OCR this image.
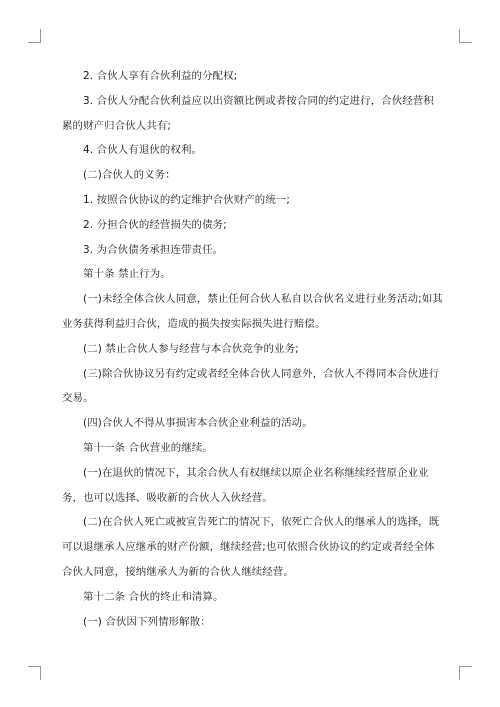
2. 合伙人享有合伙利益的分配权;

3. 合伙人分配合伙利益应以出资额比例或者按合同的约定进行，合伙经营积累的财产归合伙人共有;

4. 合伙人有退伙的权利。

(二)合伙人的义务：

1. 按照合伙协议的约定维护合伙财产的统一;

2. 分担合伙的经营损失的债务;

3. 为合伙债务承担连带责任。

第十条 禁止行为。

(一)未经全体合伙人同意，禁止任何合伙人私自以合伙名义进行业务活动;如其业务获得利益归合伙，造成的损失按实际损失进行赔偿。

(二) 禁止合伙人参与经营与本合伙竞争的业务;

(三)除合伙协议另有约定或者经全体合伙人同意外，合伙人不得同本合伙进行交易。

(四)合伙人不得从事损害本合伙企业利益的活动。

第十一条 合伙营业的继续。

(一)在退伙的情况下，其余合伙人有权继续以原企业名称继续经营原企业业务，也可以选择、吸收新的合伙人入伙经营。

(二)在合伙人死亡或被宣告死亡的情况下，依死亡合伙人的继承人的选择，既可以退继承人应继承的财产份额，继续经营;也可依照合伙协议的约定或者经全体合伙人同意，接纳继承人为新的合伙人继续经营。

第十二条 合伙的终止和清算。

(一) 合伙因下列情形解散：
